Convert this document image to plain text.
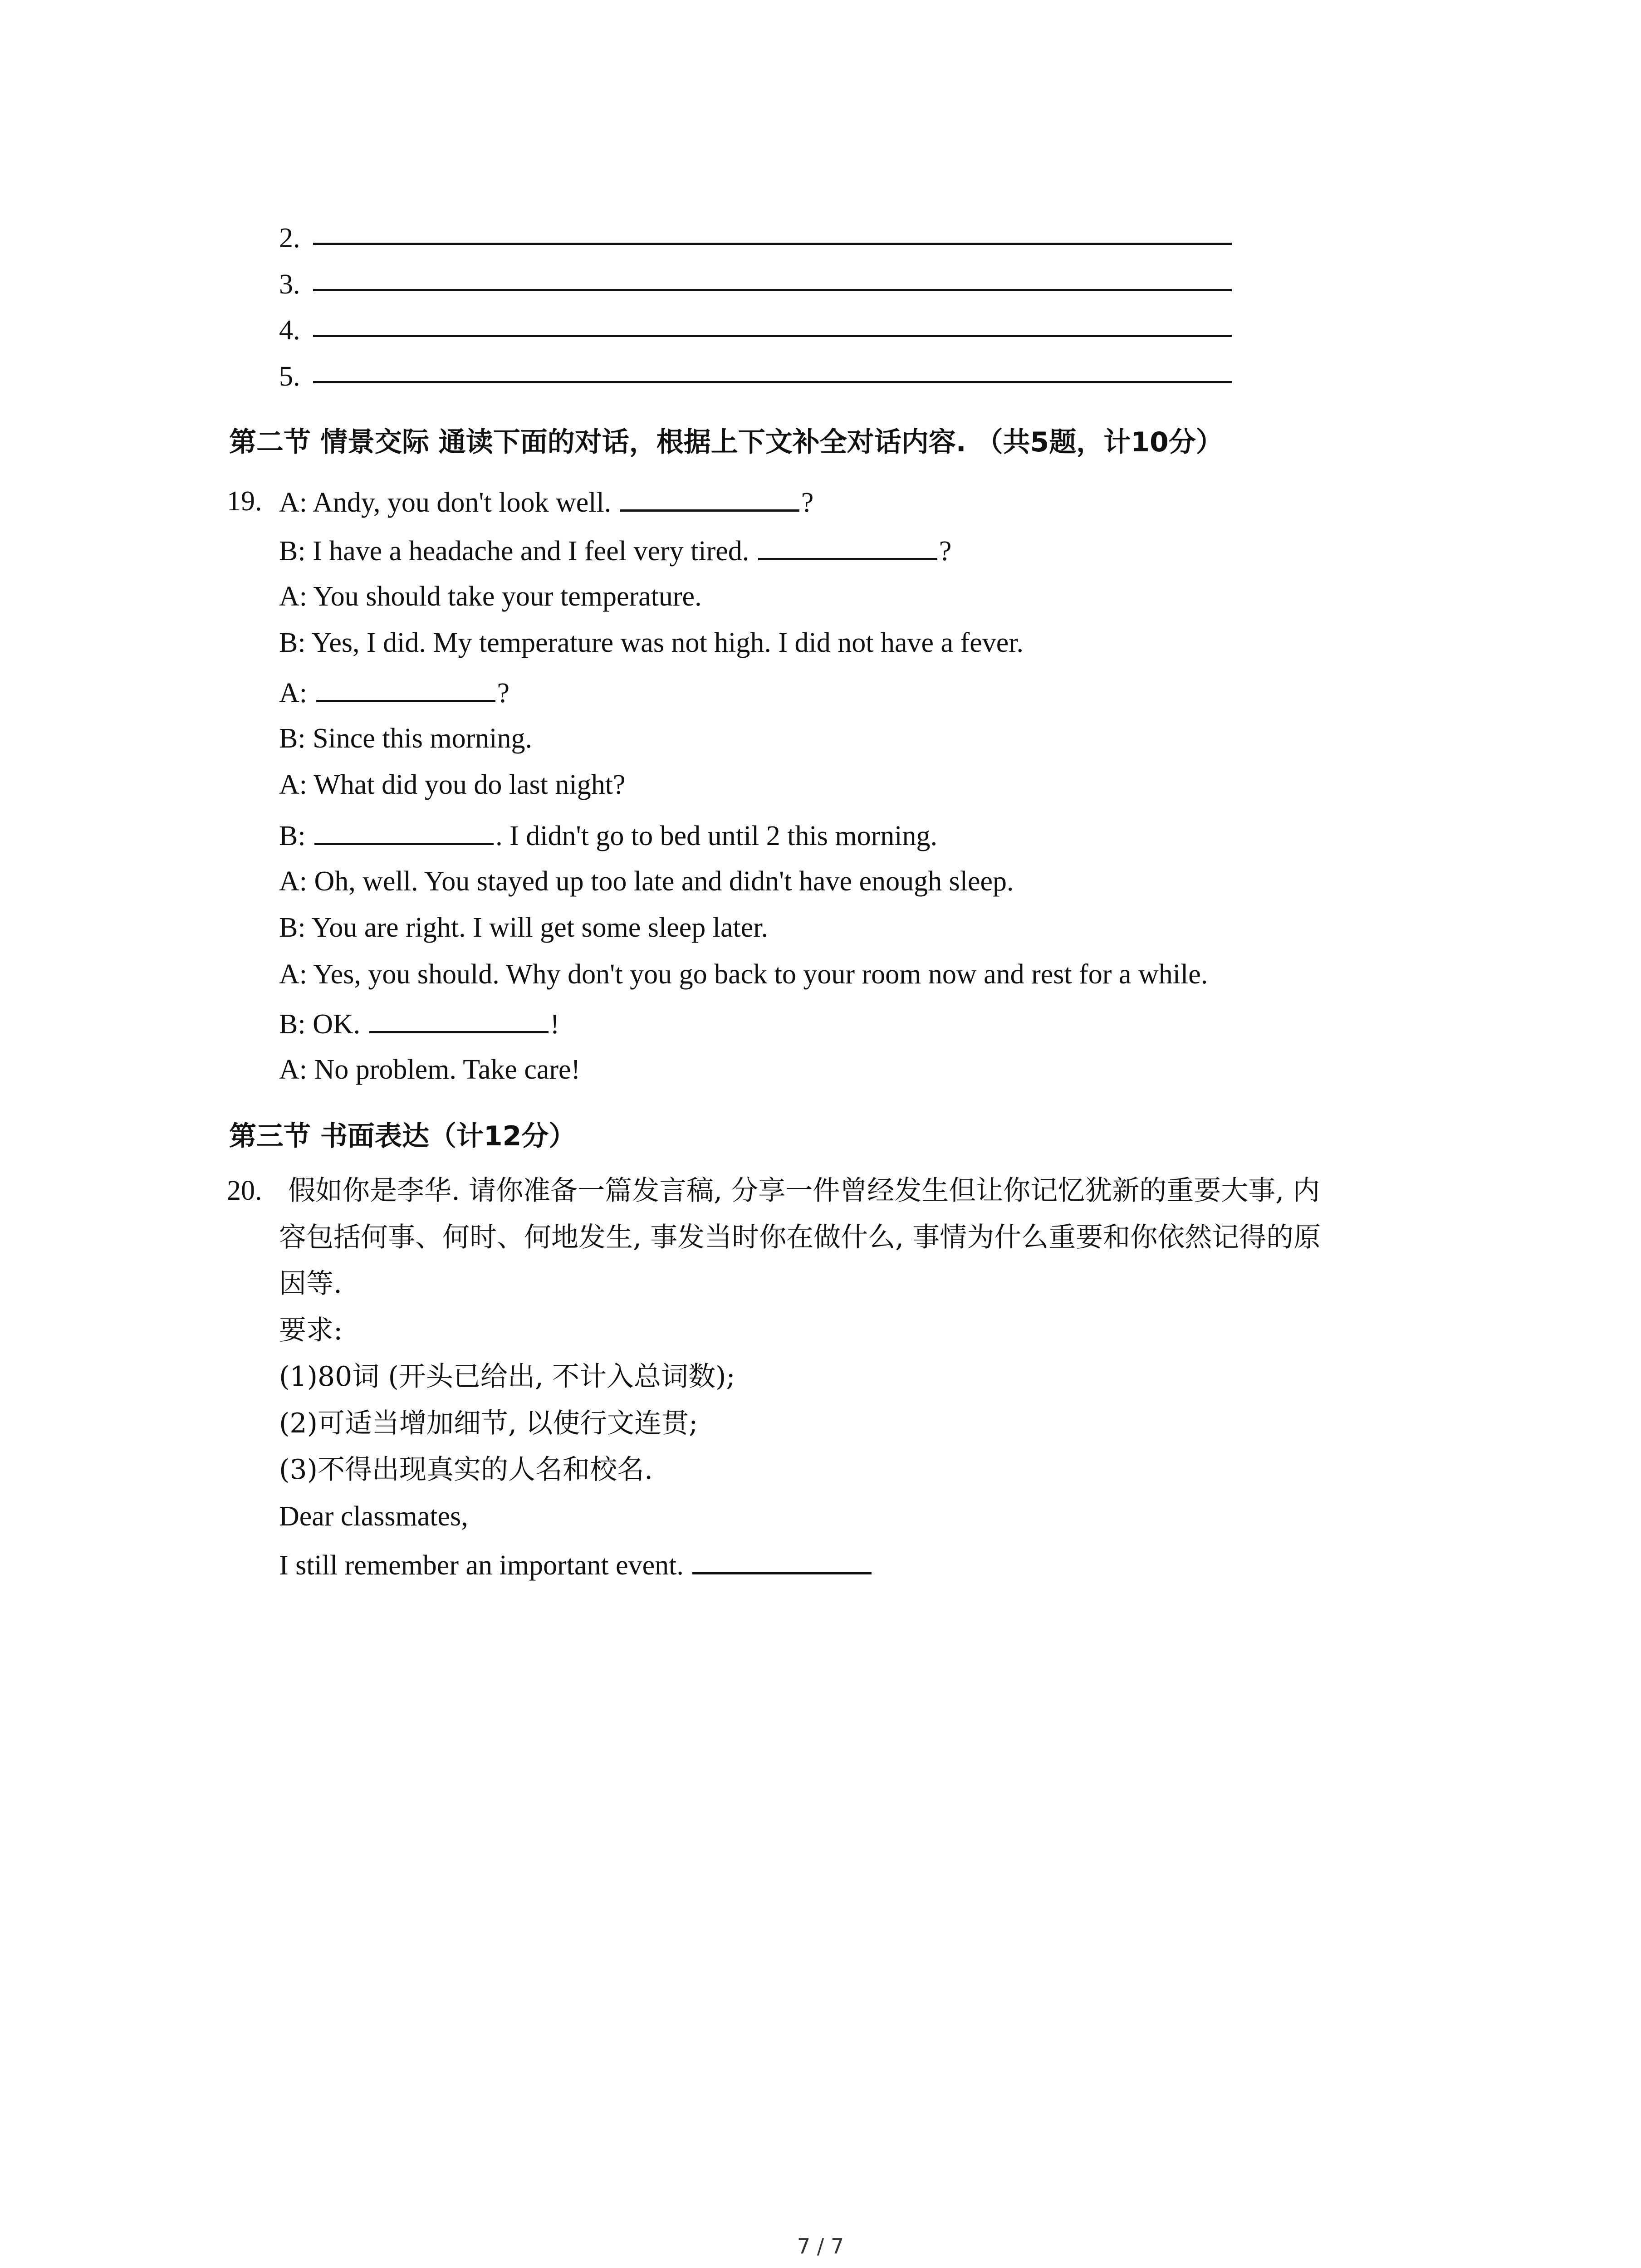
2.
3.
4.
5.
第二节 情景交际 通读下面的对话，根据上下文补全对话内容. （共5题，计10分）
19. A: Andy, you don't look well.	?
B: I have a headache and I feel very tired.	?
A: You should take your temperature.
B: Yes, I did. My temperature was not high. I did not have a fever.
A:	?
B: Since this morning.
A: What did you do last night?
B:	. I didn't go to bed until 2 this morning.
A: Oh, well. You stayed up too late and didn't have enough sleep.
B: You are right. I will get some sleep later.
A: Yes, you should. Why don't you go back to your room now and rest for a while.
B: OK.	!
A: No problem. Take care!
第三节 书面表达（计12分）
20. 假如你是李华. 请你准备一篇发言稿, 分享一件曾经发生但让你记忆犹新的重要大事, 内
容包括何事、何时、何地发生, 事发当时你在做什么, 事情为什么重要和你依然记得的原
因等.
要求:
(1)80词 (开头已给出, 不计入总词数);
(2)可适当增加细节, 以使行文连贯;
(3)不得出现真实的人名和校名.
Dear classmates,
I still remember an important event.
7 / 7
